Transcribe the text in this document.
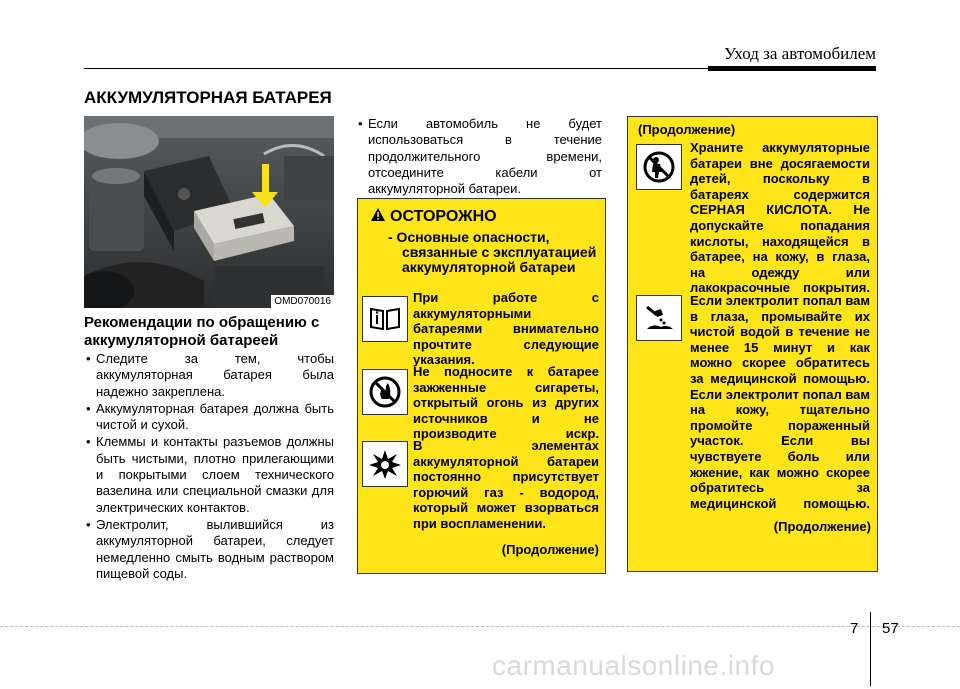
Уход за автомобилем
АККУМУЛЯТОРНАЯ БАТАРЕЯ
OMD070016
Рекомендации по обращению с аккумуляторной батареей
• Следите за тем, чтобы аккумуляторная батарея была надежно закреплена.
• Аккумуляторная батарея должна быть чистой и сухой.
• Клеммы и контакты разъемов должны быть чистыми, плотно прилегающими и покрытыми слоем технического вазелина или специальной смазки для электрических контактов.
• Электролит, вылившийся из аккумуляторной батареи, следует немедленно смыть водным раствором пищевой соды.
• Если автомобиль не будет использоваться в течение продолжительного времени, отсоедините кабели от аккумуляторной батареи.
ОСТОРОЖНО
- Основные опасности,
связанные с эксплуатацией аккумуляторной батареи
При работе с аккумуляторными батареями внимательно прочтите следующие указания.
Не подносите к батарее зажженные сигареты, открытый огонь из других источников и не производите искр.
В элементах аккумуляторной батареи постоянно присутствует горючий газ - водород, который может взорваться при воспламенении.
(Продолжение)
(Продолжение)
Храните аккумуляторные батареи вне досягаемости детей, поскольку в батареях содержится СЕРНАЯ КИСЛОТА. Не допускайте попадания кислоты, находящейся в батарее, на кожу, в глаза, на одежду или лакокрасочные покрытия.
Если электролит попал вам в глаза, промывайте их чистой водой в течение не менее 15 минут и как можно скорее обратитесь за медицинской помощью. Если электролит попал вам на кожу, тщательно промойте пораженный участок. Если вы чувствуете боль или жжение, как можно скорее обратитесь за медицинской помощью.
(Продолжение)
7 57
carmanualsonline.info
